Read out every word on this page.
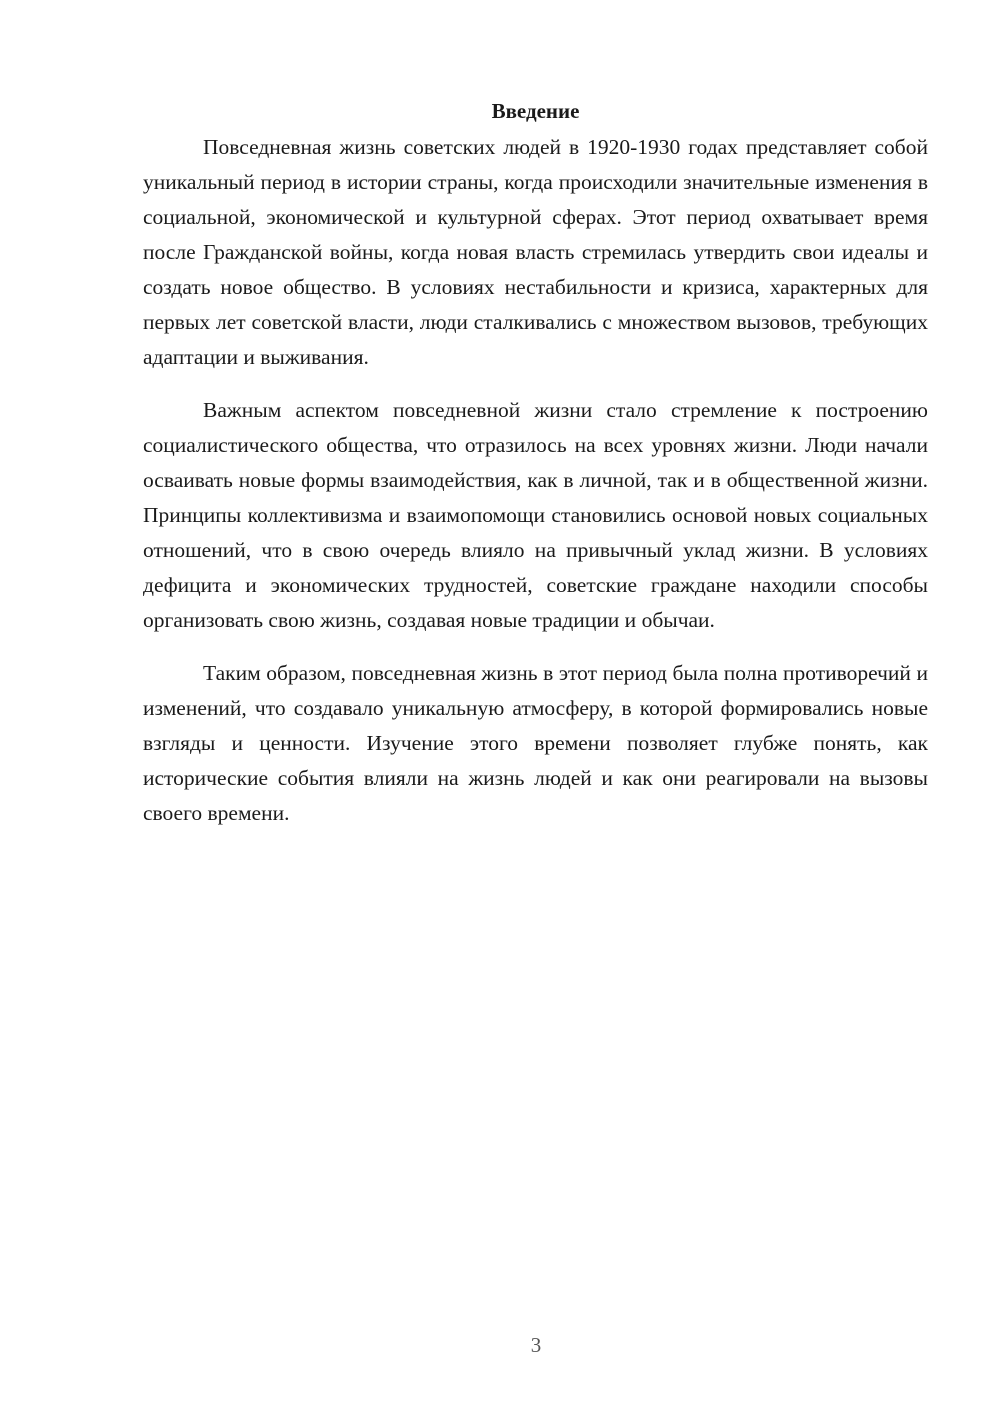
Введение

Повседневная жизнь советских людей в 1920-1930 годах представляет собой уникальный период в истории страны, когда происходили значительные изменения в социальной, экономической и культурной сферах. Этот период охватывает время после Гражданской войны, когда новая власть стремилась утвердить свои идеалы и создать новое общество. В условиях нестабильности и кризиса, характерных для первых лет советской власти, люди сталкивались с множеством вызовов, требующих адаптации и выживания.

Важным аспектом повседневной жизни стало стремление к построению социалистического общества, что отразилось на всех уровнях жизни. Люди начали осваивать новые формы взаимодействия, как в личной, так и в общественной жизни. Принципы коллективизма и взаимопомощи становились основой новых социальных отношений, что в свою очередь влияло на привычный уклад жизни. В условиях дефицита и экономических трудностей, советские граждане находили способы организовать свою жизнь, создавая новые традиции и обычаи.

Таким образом, повседневная жизнь в этот период была полна противоречий и изменений, что создавало уникальную атмосферу, в которой формировались новые взгляды и ценности. Изучение этого времени позволяет глубже понять, как исторические события влияли на жизнь людей и как они реагировали на вызовы своего времени.

3
